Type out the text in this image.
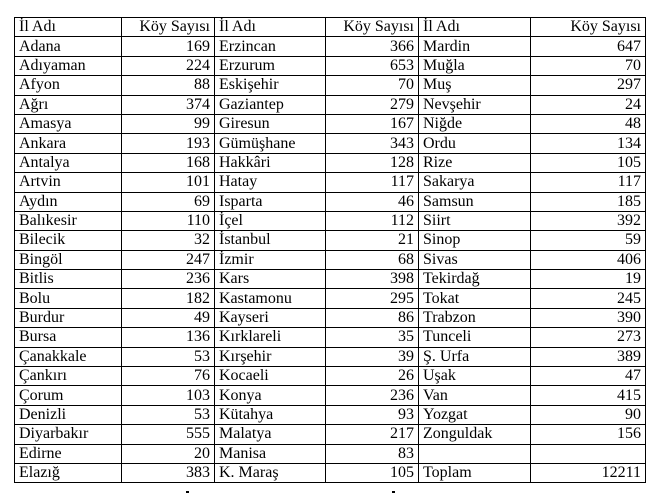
İl Adı	Köy Sayısı	İl Adı	Köy Sayısı	İl Adı	Köy Sayısı
Adana	169	Erzincan	366	Mardin	647
Adıyaman	224	Erzurum	653	Muğla	70
Afyon	88	Eskişehir	70	Muş	297
Ağrı	374	Gaziantep	279	Nevşehir	24
Amasya	99	Giresun	167	Niğde	48
Ankara	193	Gümüşhane	343	Ordu	134
Antalya	168	Hakkâri	128	Rize	105
Artvin	101	Hatay	117	Sakarya	117
Aydın	69	Isparta	46	Samsun	185
Balıkesir	110	İçel	112	Siirt	392
Bilecik	32	İstanbul	21	Sinop	59
Bingöl	247	İzmir	68	Sivas	406
Bitlis	236	Kars	398	Tekirdağ	19
Bolu	182	Kastamonu	295	Tokat	245
Burdur	49	Kayseri	86	Trabzon	390
Bursa	136	Kırklareli	35	Tunceli	273
Çanakkale	53	Kırşehir	39	Ş. Urfa	389
Çankırı	76	Kocaeli	26	Uşak	47
Çorum	103	Konya	236	Van	415
Denizli	53	Kütahya	93	Yozgat	90
Diyarbakır	555	Malatya	217	Zonguldak	156
Edirne	20	Manisa	83		
Elazığ	383	K. Maraş	105	Toplam	12211
